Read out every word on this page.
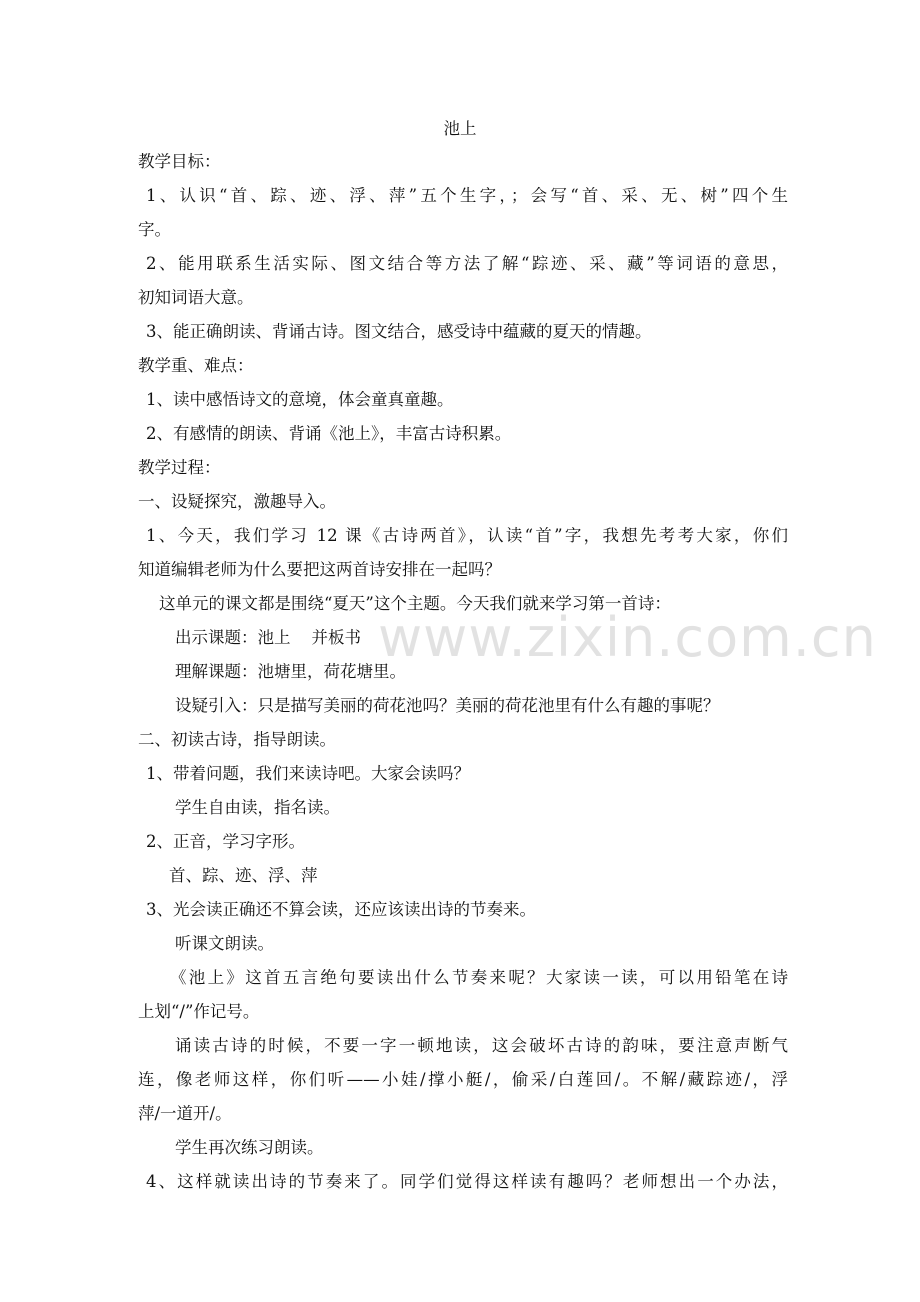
池上
教学目标：
1、认识“首、踪、迹、浮、萍”五个生字，；会写“首、采、无、树”四个生
字。
2、能用联系生活实际、图文结合等方法了解“踪迹、采、藏”等词语的意思，
初知词语大意。
3、能正确朗读、背诵古诗。图文结合，感受诗中蕴藏的夏天的情趣。
教学重、难点：
1、读中感悟诗文的意境，体会童真童趣。
2、有感情的朗读、背诵《池上》，丰富古诗积累。
教学过程：
一、设疑探究，激趣导入。
1、今天，我们学习 12 课《古诗两首》，认读“首”字，我想先考考大家，你们
知道编辑老师为什么要把这两首诗安排在一起吗？
这单元的课文都是围绕“夏天”这个主题。今天我们就来学习第一首诗：
出示课题：池上    并板书
理解课题：池塘里，荷花塘里。
设疑引入：只是描写美丽的荷花池吗？美丽的荷花池里有什么有趣的事呢？
二、初读古诗，指导朗读。
1、带着问题，我们来读诗吧。大家会读吗？
学生自由读，指名读。
2、正音，学习字形。
首、踪、迹、浮、萍
3、光会读正确还不算会读，还应该读出诗的节奏来。
听课文朗读。
《池上》这首五言绝句要读出什么节奏来呢？大家读一读，可以用铅笔在诗
上划“/”作记号。
诵读古诗的时候，不要一字一顿地读，这会破坏古诗的韵味，要注意声断气
连，像老师这样，你们听——小娃/撑小艇/，偷采/白莲回/。不解/藏踪迹/，浮
萍/一道开/。
学生再次练习朗读。
4、这样就读出诗的节奏来了。同学们觉得这样读有趣吗？老师想出一个办法，
www.zixin.com.cn
